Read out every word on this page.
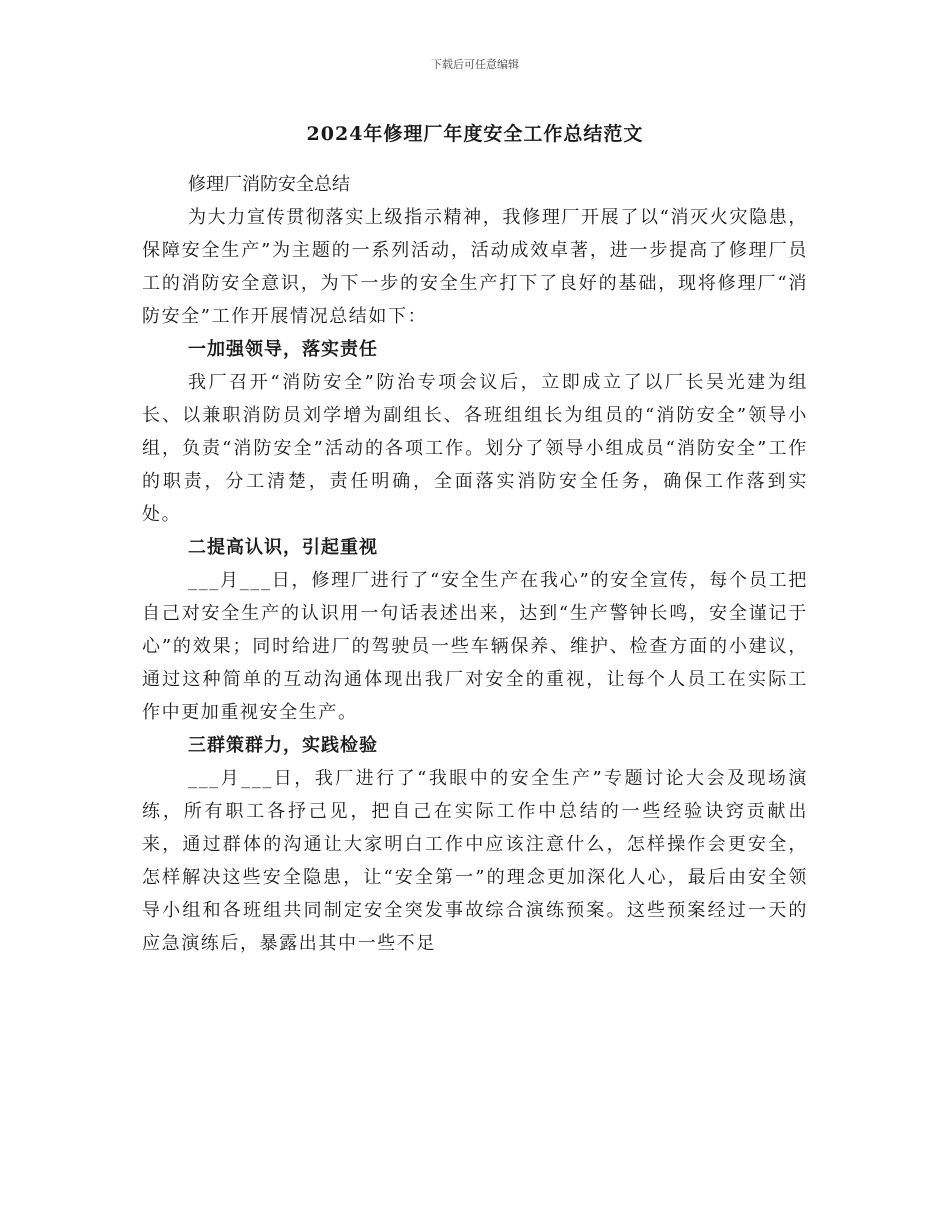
下载后可任意编辑
2024年修理厂年度安全工作总结范文
修理厂消防安全总结

为大力宣传贯彻落实上级指示精神，我修理厂开展了以“消灭火灾隐患，保障安全生产”为主题的一系列活动，活动成效卓著，进一步提高了修理厂员工的消防安全意识，为下一步的安全生产打下了良好的基础，现将修理厂“消防安全”工作开展情况总结如下：

一加强领导，落实责任

我厂召开“消防安全”防治专项会议后，立即成立了以厂长吴光建为组长、以兼职消防员刘学增为副组长、各班组组长为组员的“消防安全”领导小组，负责“消防安全”活动的各项工作。划分了领导小组成员“消防安全”工作的职责，分工清楚，责任明确，全面落实消防安全任务，确保工作落到实处。

二提高认识，引起重视

___月___日，修理厂进行了“安全生产在我心”的安全宣传，每个员工把自己对安全生产的认识用一句话表述出来，达到“生产警钟长鸣，安全谨记于心”的效果；同时给进厂的驾驶员一些车辆保养、维护、检查方面的小建议，通过这种简单的互动沟通体现出我厂对安全的重视，让每个人员工在实际工作中更加重视安全生产。

三群策群力，实践检验

___月___日，我厂进行了“我眼中的安全生产”专题讨论大会及现场演练，所有职工各抒己见，把自己在实际工作中总结的一些经验诀窍贡献出来，通过群体的沟通让大家明白工作中应该注意什么，怎样操作会更安全，怎样解决这些安全隐患，让“安全第一”的理念更加深化人心，最后由安全领导小组和各班组共同制定安全突发事故综合演练预案。这些预案经过一天的应急演练后，暴露出其中一些不足
